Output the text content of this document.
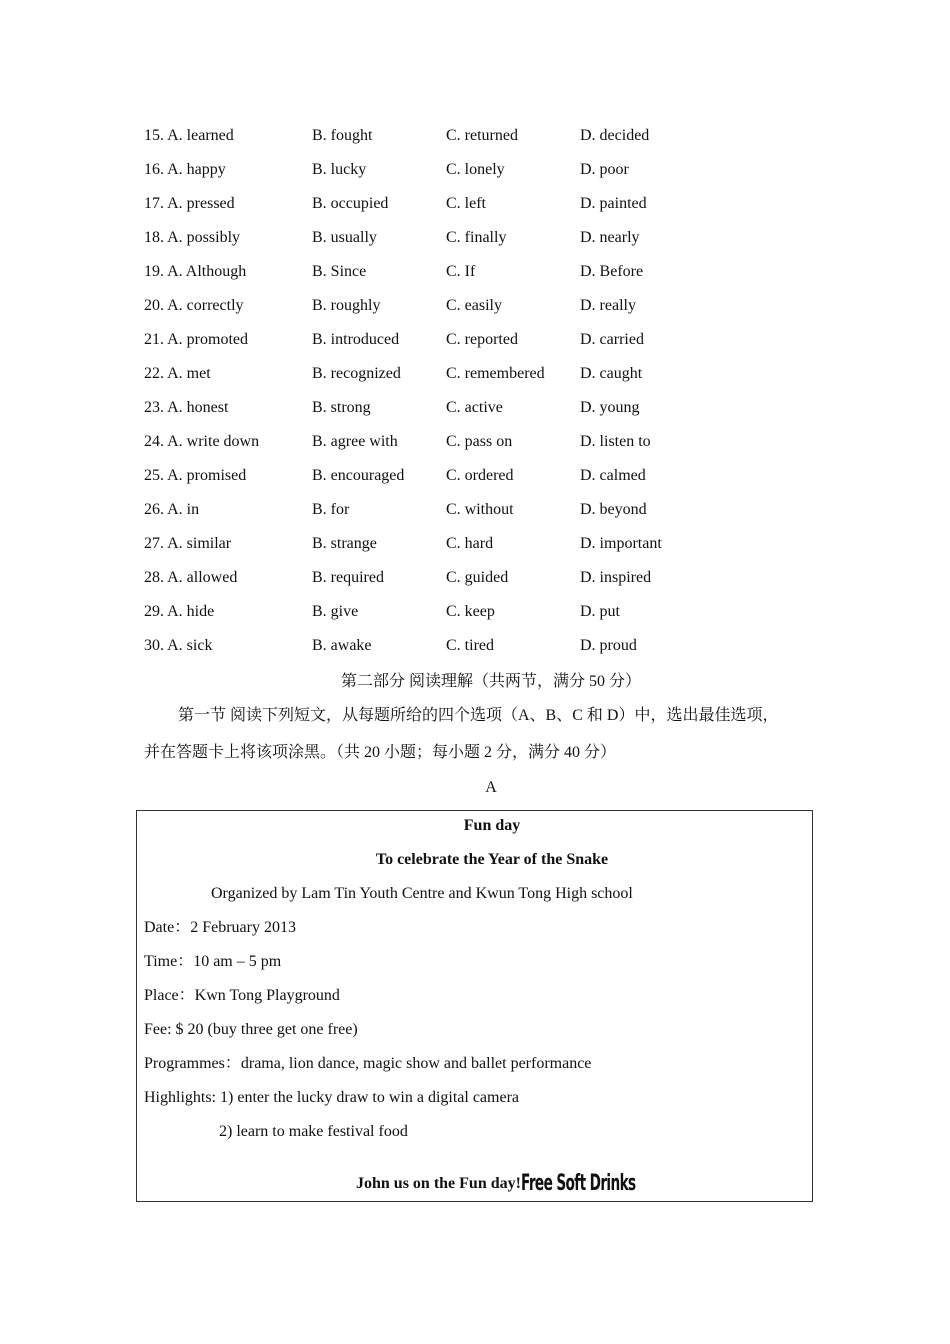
15. A. learned	B. fought	C. returned	D. decided
16. A. happy	B. lucky	C. lonely	D. poor
17. A. pressed	B. occupied	C. left	D. painted
18. A. possibly	B. usually	C. finally	D. nearly
19. A. Although	B. Since	C. If	D. Before
20. A. correctly	B. roughly	C. easily	D. really
21. A. promoted	B. introduced	C. reported	D. carried
22. A. met	B. recognized	C. remembered D. caught
23. A. honest	B. strong	C. active	D. young
24. A. write down	B. agree with	C. pass on	D. listen to
25. A. promised	B. encouraged	C. ordered	D. calmed
26. A. in	B. for	C. without	D. beyond
27. A. similar	B. strange	C. hard	D. important
28. A. allowed	B. required	C. guided	D. inspired
29. A. hide	B. give	C. keep	D. put
30. A. sick	B. awake	C. tired	D. proud
第二部分 阅读理解（共两节，满分 50 分）
第一节 阅读下列短文，从每题所给的四个选项（A、B、C 和 D）中，选出最佳选项，
并在答题卡上将该项涂黑。（共 20 小题；每小题 2 分，满分 40 分）
A
Fun day
To celebrate the Year of the Snake
Organized by Lam Tin Youth Centre and Kwun Tong High school
Date：2 February 2013
Time：10 am – 5 pm
Place：Kwn Tong Playground
Fee: $ 20 (buy three get one free)
Programmes：drama, lion dance, magic show and ballet performance
Highlights: 1) enter the lucky draw to win a digital camera
2) learn to make festival food
John us on the Fun day!Free Soft Drinks
